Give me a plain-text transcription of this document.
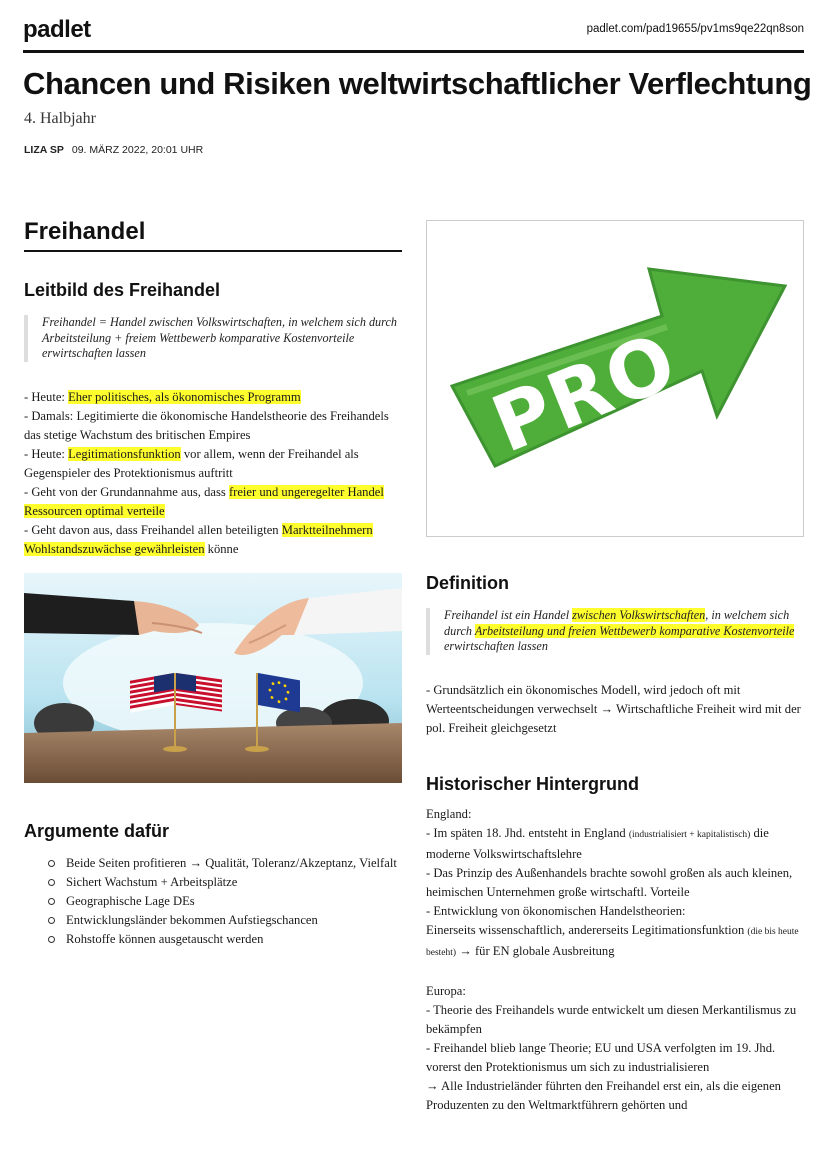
padlet	padlet.com/pad19655/pv1ms9qe22qn8son
Chancen und Risiken weltwirtschaftlicher Verflechtung
4. Halbjahr
LIZA SP 09. MÄRZ 2022, 20:01 UHR
Freihandel
Leitbild des Freihandel
Freihandel = Handel zwischen Volkswirtschaften, in welchem sich durch Arbeitsteilung + freiem Wettbewerb komparative Kostenvorteile erwirtschaften lassen
- Heute: Eher politisches, als ökonomisches Programm
- Damals: Legitimierte die ökonomische Handelstheorie des Freihandels das stetige Wachstum des britischen Empires
- Heute: Legitimationsfunktion vor allem, wenn der Freihandel als Gegenspieler des Protektionismus auftritt
- Geht von der Grundannahme aus, dass freier und ungeregelter Handel Ressourcen optimal verteile
- Geht davon aus, dass Freihandel allen beteiligten Marktteilnehmern Wohlstandszuwächse gewährleisten könne
Argumente dafür
Beide Seiten profitieren → Qualität, Toleranz/Akzeptanz, Vielfalt
Sichert Wachstum + Arbeitsplätze
Geographische Lage DEs
Entwicklungsländer bekommen Aufstiegschancen
Rohstoffe können ausgetauscht werden
PRO
Definition
Freihandel ist ein Handel zwischen Volkswirtschaften, in welchem sich durch Arbeitsteilung und freien Wettbewerb komparative Kostenvorteile erwirtschaften lassen
- Grundsätzlich ein ökonomisches Modell, wird jedoch oft mit Werteentscheidungen verwechselt → Wirtschaftliche Freiheit wird mit der pol. Freiheit gleichgesetzt
Historischer Hintergrund
England:
- Im späten 18. Jhd. entsteht in England (industrialisiert + kapitalistisch) die moderne Volkswirtschaftslehre
- Das Prinzip des Außenhandels brachte sowohl großen als auch kleinen, heimischen Unternehmen große wirtschaftl. Vorteile
- Entwicklung von ökonomischen Handelstheorien:
Einerseits wissenschaftlich, andererseits Legitimationsfunktion (die bis heute besteht) → für EN globale Ausbreitung
Europa:
- Theorie des Freihandels wurde entwickelt um diesen Merkantilismus zu bekämpfen
- Freihandel blieb lange Theorie; EU und USA verfolgten im 19. Jhd. vorerst den Protektionismus um sich zu industrialisieren
→ Alle Industrieländer führten den Freihandel erst ein, als die eigenen Produzenten zu den Weltmarktführern gehörten und
